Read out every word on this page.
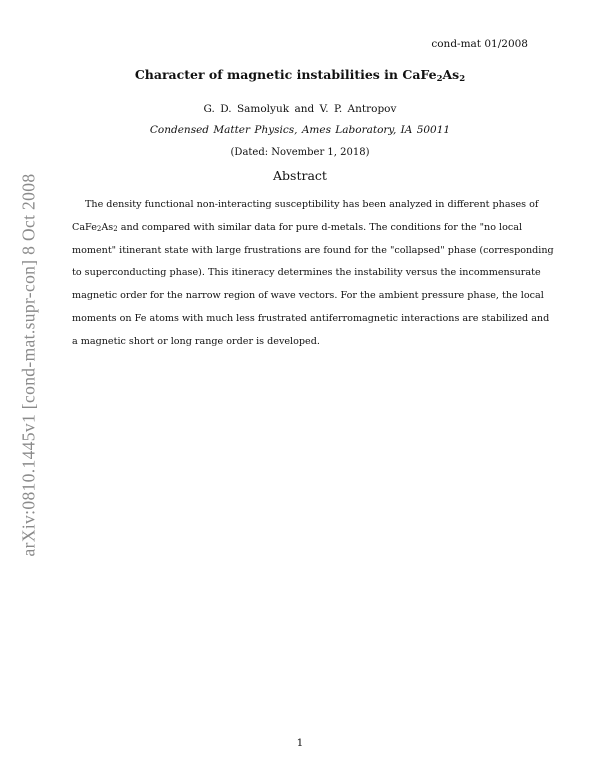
cond-mat 01/2008
arXiv:0810.1445v1 [cond-mat.supr-con] 8 Oct 2008
Character of magnetic instabilities in $CaFe_2As_2$
G. D. Samolyuk and V. P. Antropov
Condensed Matter Physics, Ames Laboratory, IA 50011
(Dated: November 1, 2018)
Abstract
The density functional non-interacting susceptibility has been analyzed in different phases of
$CaFe_2As_2$ and compared with similar data for pure d-metals. The conditions for the "no local
moment" itinerant state with large frustrations are found for the "collapsed" phase (corresponding
to superconducting phase). This itineracy determines the instability versus the incommensurate
magnetic order for the narrow region of wave vectors. For the ambient pressure phase, the local
moments on Fe atoms with much less frustrated antiferromagnetic interactions are stabilized and
a magnetic short or long range order is developed.
1
